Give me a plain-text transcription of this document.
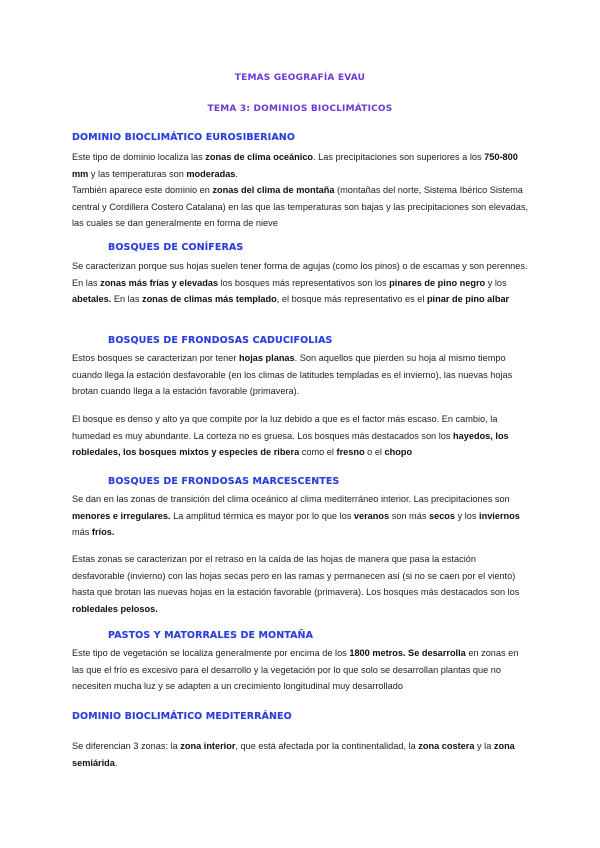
TEMAS GEOGRAFÍA EVAU
TEMA 3: DOMINIOS BIOCLIMÁTICOS
DOMINIO BIOCLIMÁTICO EUROSIBERIANO
Este tipo de dominio localiza las zonas de clima oceánico. Las precipitaciones son superiores a los 750-800 mm y las temperaturas son moderadas.
También aparece este dominio en zonas del clima de montaña (montañas del norte, Sistema Ibérico Sistema central y Cordillera Costero Catalana) en las que las temperaturas son bajas y las precipitaciones son elevadas, las cuales se dan generalmente en forma de nieve
BOSQUES DE CONÍFERAS
Se caracterizan porque sus hojas suelen tener forma de agujas (como los pinos) o de escamas y son perennes. En las zonas más frías y elevadas los bosques más representativos son los pinares de pino negro y los abetales. En las zonas de climas más templado, el bosque más representativo es el pinar de pino albar
BOSQUES DE FRONDOSAS CADUCIFOLIAS
Estos bosques se caracterizan por tener hojas planas. Son aquellos que pierden su hoja al mismo tiempo cuando llega la estación desfavorable (en los climas de latitudes templadas es el invierno), las nuevas hojas brotan cuando llega a la estación favorable (primavera).
El bosque es denso y alto ya que compite por la luz debido a que es el factor más escaso. En cambio, la humedad es muy abundante. La corteza no es gruesa. Los bosques más destacados son los hayedos, los robledales, los bosques mixtos y especies de ribera como el fresno o el chopo
BOSQUES DE FRONDOSAS MARCESCENTES
Se dan en las zonas de transición del clima oceánico al clima mediterráneo interior. Las precipitaciones son menores e irregulares. La amplitud térmica es mayor por lo que los veranos son más secos y los inviernos más fríos.
Estas zonas se caracterizan por el retraso en la caída de las hojas de manera que pasa la estación desfavorable (invierno) con las hojas secas pero en las ramas y permanecen así (si no se caen por el viento) hasta que brotan las nuevas hojas en la estación favorable (primavera). Los bosques más destacados son los robledales pelosos.
PASTOS Y MATORRALES DE MONTAÑA
Este tipo de vegetación se localiza generalmente por encima de los 1800 metros. Se desarrolla en zonas en las que el frío es excesivo para el desarrollo y la vegetación por lo que solo se desarrollan plantas que no necesiten mucha luz y se adapten a un crecimiento longitudinal muy desarrollado
DOMINIO BIOCLIMÁTICO MEDITERRÁNEO
Se diferencian 3 zonas: la zona interior, que está afectada por la continentalidad, la zona costera y la zona semiárida.
